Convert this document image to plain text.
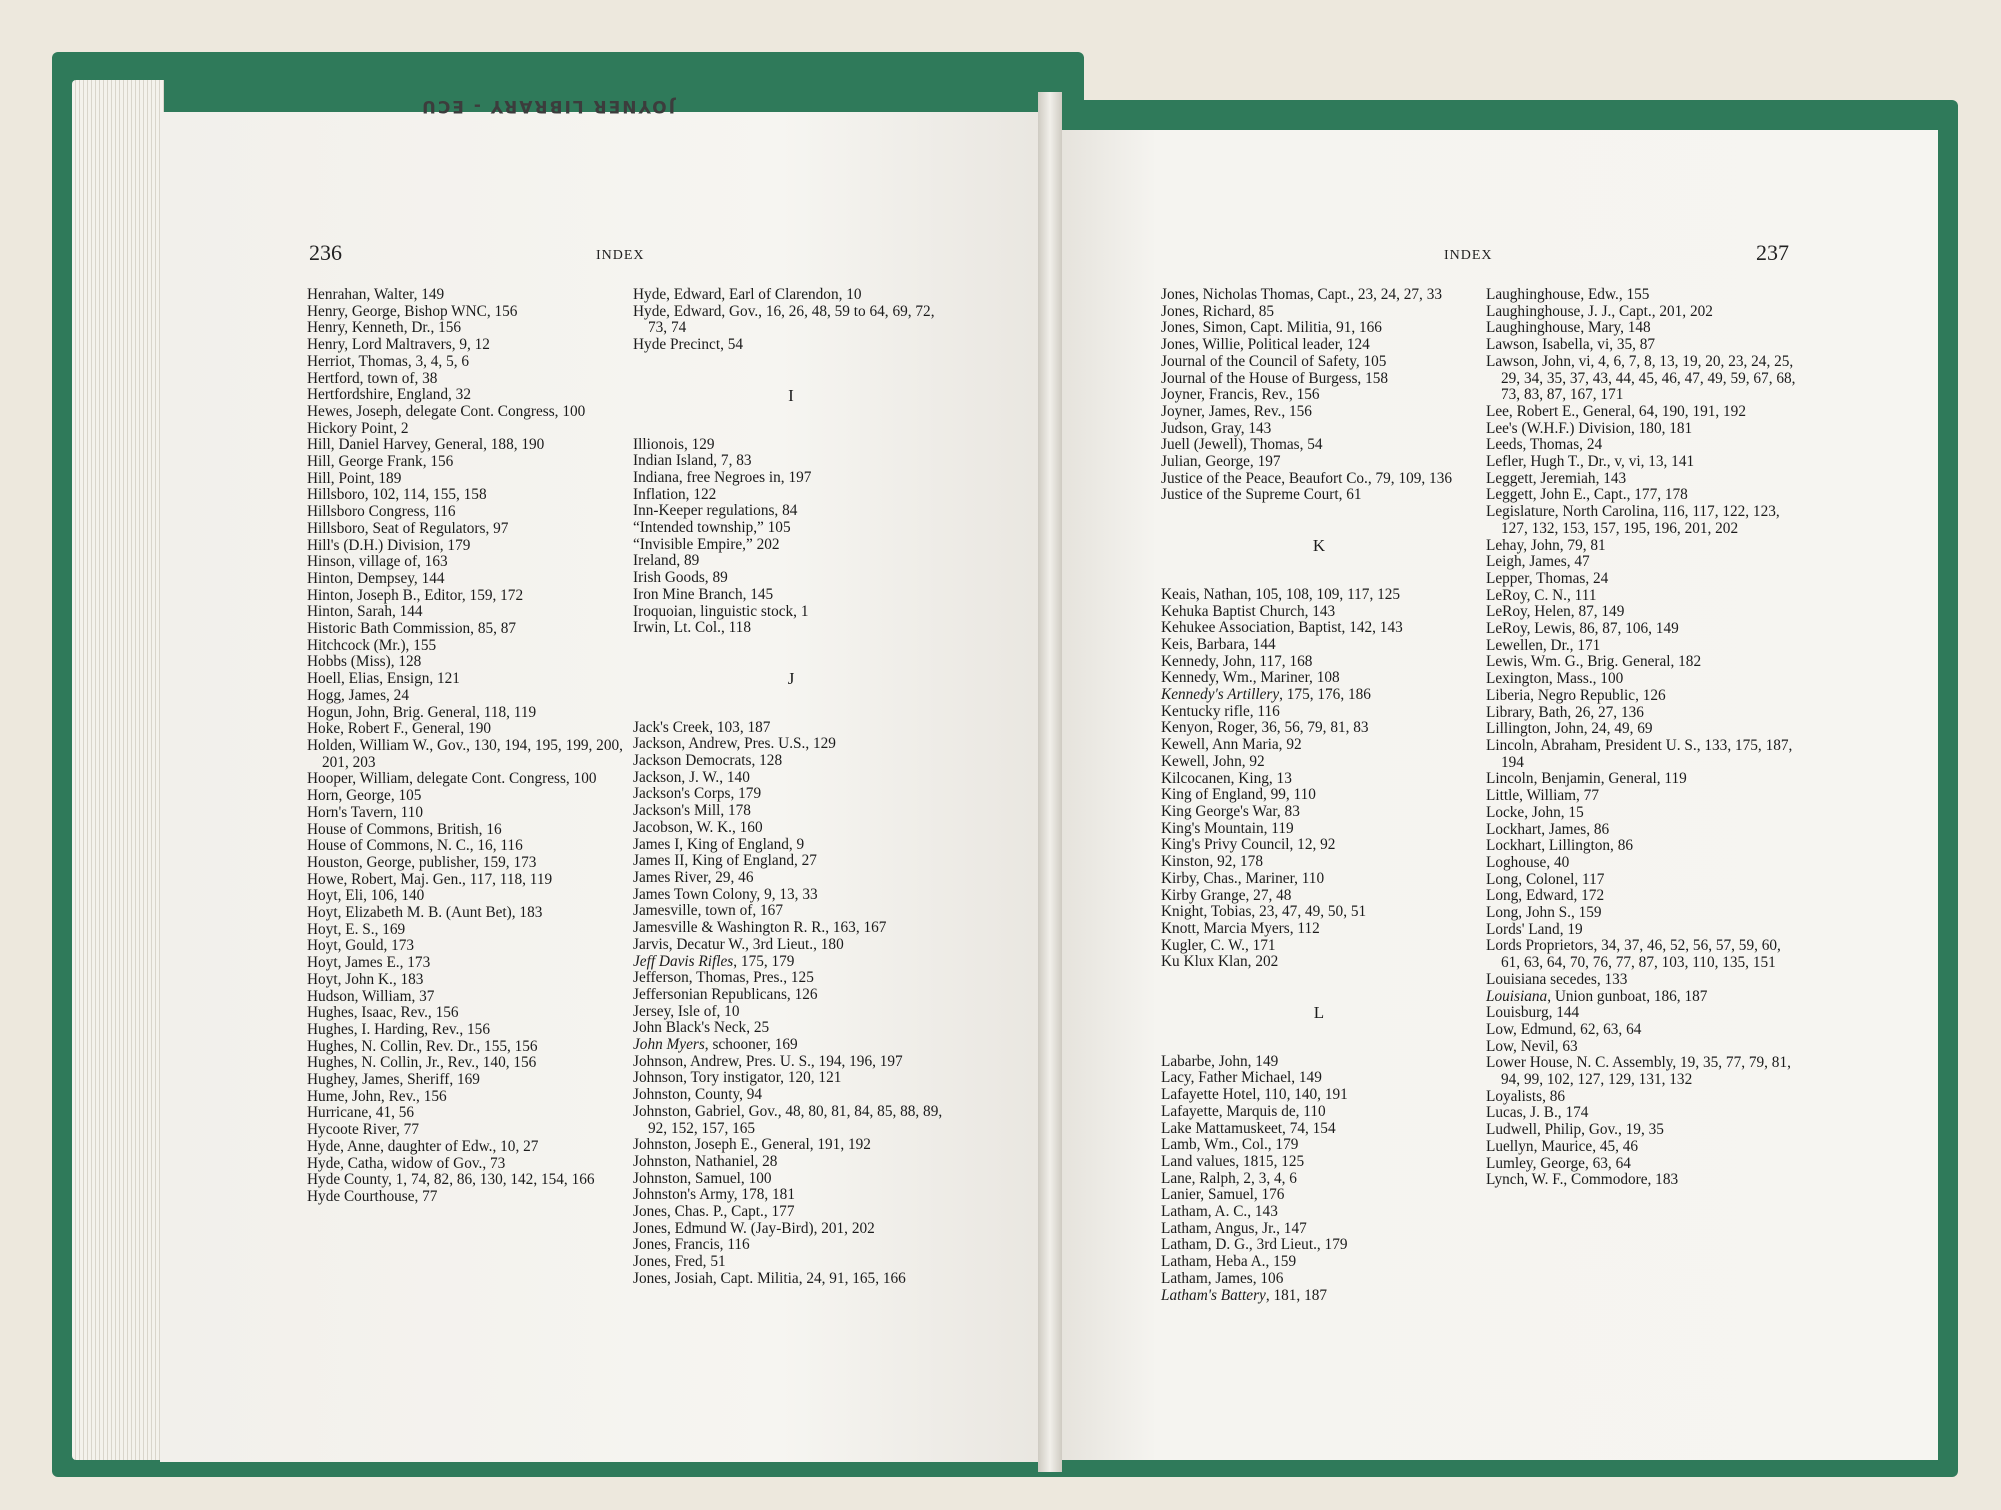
JOYNER LIBRARY - ECU
236	INDEX	INDEX	237

Henrahan, Walter, 149

Henry, George, Bishop WNC, 156

Henry, Kenneth, Dr., 156

Henry, Lord Maltravers, 9, 12

Herriot, Thomas, 3, 4, 5, 6

Hertford, town of, 38

Hertfordshire, England, 32

Hewes, Joseph, delegate Cont. Congress, 100

Hickory Point, 2

Hill, Daniel Harvey, General, 188, 190

Hill, George Frank, 156

Hill, Point, 189

Hillsboro, 102, 114, 155, 158

Hillsboro Congress, 116

Hillsboro, Seat of Regulators, 97

Hill's (D.H.) Division, 179

Hinson, village of, 163

Hinton, Dempsey, 144

Hinton, Joseph B., Editor, 159, 172

Hinton, Sarah, 144

Historic Bath Commission, 85, 87

Hitchcock (Mr.), 155

Hobbs (Miss), 128

Hoell, Elias, Ensign, 121

Hogg, James, 24

Hogun, John, Brig. General, 118, 119

Hoke, Robert F., General, 190

Holden, William W., Gov., 130, 194, 195, 199, 200, 201, 203

Hooper, William, delegate Cont. Congress, 100

Horn, George, 105

Horn's Tavern, 110

House of Commons, British, 16

House of Commons, N. C., 16, 116

Houston, George, publisher, 159, 173

Howe, Robert, Maj. Gen., 117, 118, 119

Hoyt, Eli, 106, 140

Hoyt, Elizabeth M. B. (Aunt Bet), 183

Hoyt, E. S., 169

Hoyt, Gould, 173

Hoyt, James E., 173

Hoyt, John K., 183

Hudson, William, 37

Hughes, Isaac, Rev., 156

Hughes, I. Harding, Rev., 156

Hughes, N. Collin, Rev. Dr., 155, 156

Hughes, N. Collin, Jr., Rev., 140, 156

Hughey, James, Sheriff, 169

Hume, John, Rev., 156

Hurricane, 41, 56

Hycoote River, 77

Hyde, Anne, daughter of Edw., 10, 27

Hyde, Catha, widow of Gov., 73

Hyde County, 1, 74, 82, 86, 130, 142, 154, 166

Hyde Courthouse, 77

Hyde, Edward, Earl of Clarendon, 10

Hyde, Edward, Gov., 16, 26, 48, 59 to 64, 69, 72, 73, 74

Hyde Precinct, 54

I

Illionois, 129

Indian Island, 7, 83

Indiana, free Negroes in, 197

Inflation, 122

Inn-Keeper regulations, 84

“Intended township,” 105

“Invisible Empire,” 202

Ireland, 89

Irish Goods, 89

Iron Mine Branch, 145

Iroquoian, linguistic stock, 1

Irwin, Lt. Col., 118

J

Jack's Creek, 103, 187

Jackson, Andrew, Pres. U.S., 129

Jackson Democrats, 128

Jackson, J. W., 140

Jackson's Corps, 179

Jackson's Mill, 178

Jacobson, W. K., 160

James I, King of England, 9

James II, King of England, 27

James River, 29, 46

James Town Colony, 9, 13, 33

Jamesville, town of, 167

Jamesville & Washington R. R., 163, 167

Jarvis, Decatur W., 3rd Lieut., 180

Jeff Davis Rifles, 175, 179

Jefferson, Thomas, Pres., 125

Jeffersonian Republicans, 126

Jersey, Isle of, 10

John Black's Neck, 25

John Myers, schooner, 169

Johnson, Andrew, Pres. U. S., 194, 196, 197

Johnson, Tory instigator, 120, 121

Johnston, County, 94

Johnston, Gabriel, Gov., 48, 80, 81, 84, 85, 88, 89, 92, 152, 157, 165

Johnston, Joseph E., General, 191, 192

Johnston, Nathaniel, 28

Johnston, Samuel, 100

Johnston's Army, 178, 181

Jones, Chas. P., Capt., 177

Jones, Edmund W. (Jay-Bird), 201, 202

Jones, Francis, 116

Jones, Fred, 51

Jones, Josiah, Capt. Militia, 24, 91, 165, 166

Jones, Nicholas Thomas, Capt., 23, 24, 27, 33

Jones, Richard, 85

Jones, Simon, Capt. Militia, 91, 166

Jones, Willie, Political leader, 124

Journal of the Council of Safety, 105

Journal of the House of Burgess, 158

Joyner, Francis, Rev., 156

Joyner, James, Rev., 156

Judson, Gray, 143

Juell (Jewell), Thomas, 54

Julian, George, 197

Justice of the Peace, Beaufort Co., 79, 109, 136

Justice of the Supreme Court, 61

K

Keais, Nathan, 105, 108, 109, 117, 125

Kehuka Baptist Church, 143

Kehukee Association, Baptist, 142, 143

Keis, Barbara, 144

Kennedy, John, 117, 168

Kennedy, Wm., Mariner, 108

Kennedy's Artillery, 175, 176, 186

Kentucky rifle, 116

Kenyon, Roger, 36, 56, 79, 81, 83

Kewell, Ann Maria, 92

Kewell, John, 92

Kilcocanen, King, 13

King of England, 99, 110

King George's War, 83

King's Mountain, 119

King's Privy Council, 12, 92

Kinston, 92, 178

Kirby, Chas., Mariner, 110

Kirby Grange, 27, 48

Knight, Tobias, 23, 47, 49, 50, 51

Knott, Marcia Myers, 112

Kugler, C. W., 171

Ku Klux Klan, 202

L

Labarbe, John, 149

Lacy, Father Michael, 149

Lafayette Hotel, 110, 140, 191

Lafayette, Marquis de, 110

Lake Mattamuskeet, 74, 154

Lamb, Wm., Col., 179

Land values, 1815, 125

Lane, Ralph, 2, 3, 4, 6

Lanier, Samuel, 176

Latham, A. C., 143

Latham, Angus, Jr., 147

Latham, D. G., 3rd Lieut., 179

Latham, Heba A., 159

Latham, James, 106

Latham's Battery, 181, 187

Laughinghouse, Edw., 155

Laughinghouse, J. J., Capt., 201, 202

Laughinghouse, Mary, 148

Lawson, Isabella, vi, 35, 87

Lawson, John, vi, 4, 6, 7, 8, 13, 19, 20, 23, 24, 25, 29, 34, 35, 37, 43, 44, 45, 46, 47, 49, 59, 67, 68, 73, 83, 87, 167, 171

Lee, Robert E., General, 64, 190, 191, 192

Lee's (W.H.F.) Division, 180, 181

Leeds, Thomas, 24

Lefler, Hugh T., Dr., v, vi, 13, 141

Leggett, Jeremiah, 143

Leggett, John E., Capt., 177, 178

Legislature, North Carolina, 116, 117, 122, 123, 127, 132, 153, 157, 195, 196, 201, 202

Lehay, John, 79, 81

Leigh, James, 47

Lepper, Thomas, 24

LeRoy, C. N., 111

LeRoy, Helen, 87, 149

LeRoy, Lewis, 86, 87, 106, 149

Lewellen, Dr., 171

Lewis, Wm. G., Brig. General, 182

Lexington, Mass., 100

Liberia, Negro Republic, 126

Library, Bath, 26, 27, 136

Lillington, John, 24, 49, 69

Lincoln, Abraham, President U. S., 133, 175, 187, 194

Lincoln, Benjamin, General, 119

Little, William, 77

Locke, John, 15

Lockhart, James, 86

Lockhart, Lillington, 86

Loghouse, 40

Long, Colonel, 117

Long, Edward, 172

Long, John S., 159

Lords' Land, 19

Lords Proprietors, 34, 37, 46, 52, 56, 57, 59, 60, 61, 63, 64, 70, 76, 77, 87, 103, 110, 135, 151

Louisiana secedes, 133

Louisiana, Union gunboat, 186, 187

Louisburg, 144

Low, Edmund, 62, 63, 64

Low, Nevil, 63

Lower House, N. C. Assembly, 19, 35, 77, 79, 81, 94, 99, 102, 127, 129, 131, 132

Loyalists, 86

Lucas, J. B., 174

Ludwell, Philip, Gov., 19, 35

Luellyn, Maurice, 45, 46

Lumley, George, 63, 64

Lynch, W. F., Commodore, 183
